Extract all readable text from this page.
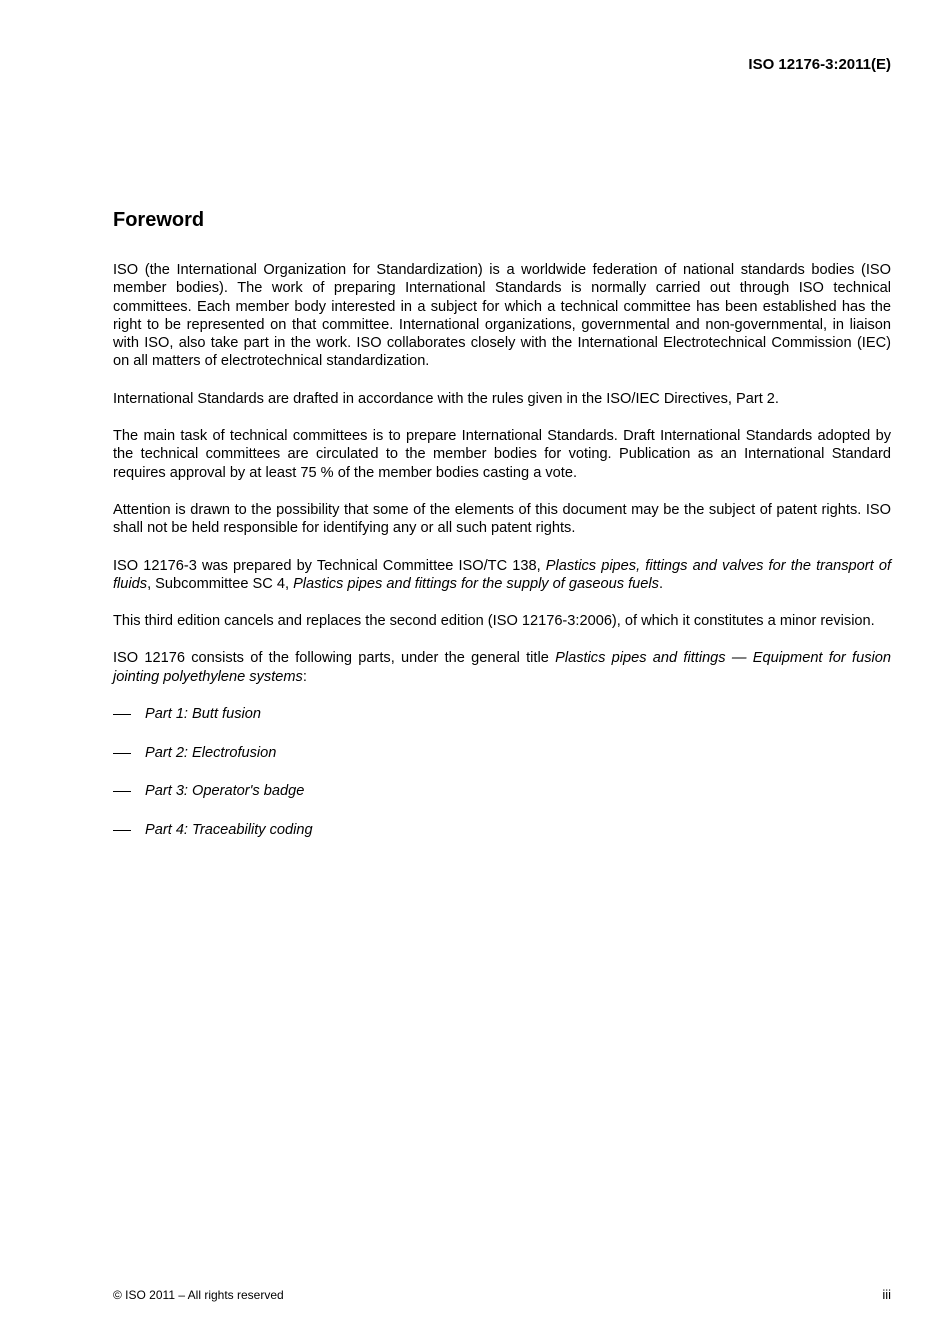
ISO 12176-3:2011(E)
Foreword

ISO (the International Organization for Standardization) is a worldwide federation of national standards bodies (ISO member bodies). The work of preparing International Standards is normally carried out through ISO technical committees. Each member body interested in a subject for which a technical committee has been established has the right to be represented on that committee. International organizations, governmental and non-governmental, in liaison with ISO, also take part in the work. ISO collaborates closely with the International Electrotechnical Commission (IEC) on all matters of electrotechnical standardization.

International Standards are drafted in accordance with the rules given in the ISO/IEC Directives, Part 2.

The main task of technical committees is to prepare International Standards. Draft International Standards adopted by the technical committees are circulated to the member bodies for voting. Publication as an International Standard requires approval by at least 75 % of the member bodies casting a vote.

Attention is drawn to the possibility that some of the elements of this document may be the subject of patent rights. ISO shall not be held responsible for identifying any or all such patent rights.

ISO 12176-3 was prepared by Technical Committee ISO/TC 138, Plastics pipes, fittings and valves for the transport of fluids, Subcommittee SC 4, Plastics pipes and fittings for the supply of gaseous fuels.

This third edition cancels and replaces the second edition (ISO 12176-3:2006), of which it constitutes a minor revision.

ISO 12176 consists of the following parts, under the general title Plastics pipes and fittings — Equipment for fusion jointing polyethylene systems:

Part 1: Butt fusion
Part 2: Electrofusion
Part 3: Operator's badge
Part 4: Traceability coding
© ISO 2011 – All rights reserved	iii
